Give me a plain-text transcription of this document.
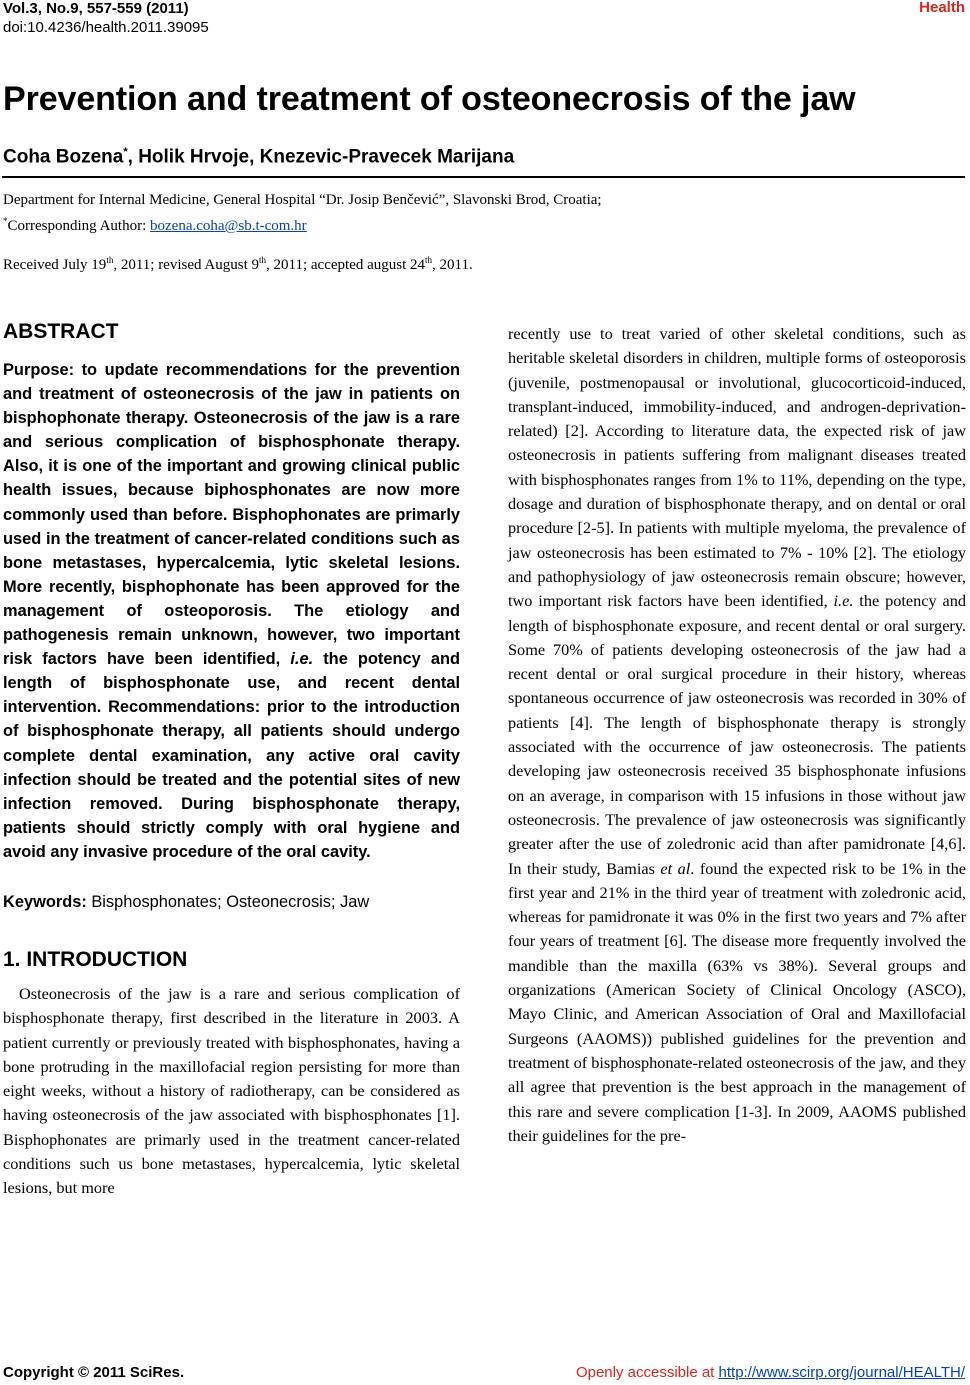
Vol.3, No.9, 557-559 (2011)
doi:10.4236/health.2011.39095
Health
Prevention and treatment of osteonecrosis of the jaw
Coha Bozena*, Holik Hrvoje, Knezevic-Pravecek Marijana
Department for Internal Medicine, General Hospital “Dr. Josip Benčević”, Slavonski Brod, Croatia;
*Corresponding Author: bozena.coha@sb.t-com.hr
Received July 19th, 2011; revised August 9th, 2011; accepted august 24th, 2011.
ABSTRACT
Purpose: to update recommendations for the prevention and treatment of osteonecrosis of the jaw in patients on bisphophonate therapy. Osteonecrosis of the jaw is a rare and serious complication of bisphosphonate therapy. Also, it is one of the important and growing clinical public health issues, because biphosphonates are now more commonly used than before. Bisphophonates are primarly used in the treatment of cancer-related conditions such as bone metastases, hypercalcemia, lytic skeletal lesions. More recently, bisphophonate has been approved for the management of osteoporosis. The etiology and pathogenesis remain unknown, however, two important risk factors have been identified, i.e. the potency and length of bisphosphonate use, and recent dental intervention. Recommendations: prior to the introduction of bisphosphonate therapy, all patients should undergo complete dental examination, any active oral cavity infection should be treated and the potential sites of new infection removed. During bisphosphonate therapy, patients should strictly comply with oral hygiene and avoid any invasive procedure of the oral cavity.
Keywords: Bisphosphonates; Osteonecrosis; Jaw
1. INTRODUCTION
Osteonecrosis of the jaw is a rare and serious complication of bisphosphonate therapy, first described in the literature in 2003. A patient currently or previously treated with bisphosphonates, having a bone protruding in the maxillofacial region persisting for more than eight weeks, without a history of radiotherapy, can be considered as having osteonecrosis of the jaw associated with bisphosphonates [1]. Bisphophonates are primarly used in the treatment cancer-related conditions such us bone metastases, hypercalcemia, lytic skeletal lesions, but more
recently use to treat varied of other skeletal conditions, such as heritable skeletal disorders in children, multiple forms of osteoporosis (juvenile, postmenopausal or involutional, glucocorticoid-induced, transplant-induced, immobility-induced, and androgen-deprivation-related) [2]. According to literature data, the expected risk of jaw osteonecrosis in patients suffering from malignant diseases treated with bisphosphonates ranges from 1% to 11%, depending on the type, dosage and duration of bisphosphonate therapy, and on dental or oral procedure [2-5]. In patients with multiple myeloma, the prevalence of jaw osteonecrosis has been estimated to 7% - 10% [2]. The etiology and pathophysiology of jaw osteonecrosis remain obscure; however, two important risk factors have been identified, i.e. the potency and length of bisphosphonate exposure, and recent dental or oral surgery. Some 70% of patients developing osteonecrosis of the jaw had a recent dental or oral surgical procedure in their history, whereas spontaneous occurrence of jaw osteonecrosis was recorded in 30% of patients [4]. The length of bisphosphonate therapy is strongly associated with the occurrence of jaw osteonecrosis. The patients developing jaw osteonecrosis received 35 bisphosphonate infusions on an average, in comparison with 15 infusions in those without jaw osteonecrosis. The prevalence of jaw osteonecrosis was significantly greater after the use of zoledronic acid than after pamidronate [4,6]. In their study, Bamias et al. found the expected risk to be 1% in the first year and 21% in the third year of treatment with zoledronic acid, whereas for pamidronate it was 0% in the first two years and 7% after four years of treatment [6]. The disease more frequently involved the mandible than the maxilla (63% vs 38%). Several groups and organizations (American Society of Clinical Oncology (ASCO), Mayo Clinic, and American Association of Oral and Maxillofacial Surgeons (AAOMS)) published guidelines for the prevention and treatment of bisphosphonate-related osteonecrosis of the jaw, and they all agree that prevention is the best approach in the management of this rare and severe complication [1-3]. In 2009, AAOMS published their guidelines for the pre-
Copyright © 2011 SciRes.	Openly accessible at http://www.scirp.org/journal/HEALTH/
